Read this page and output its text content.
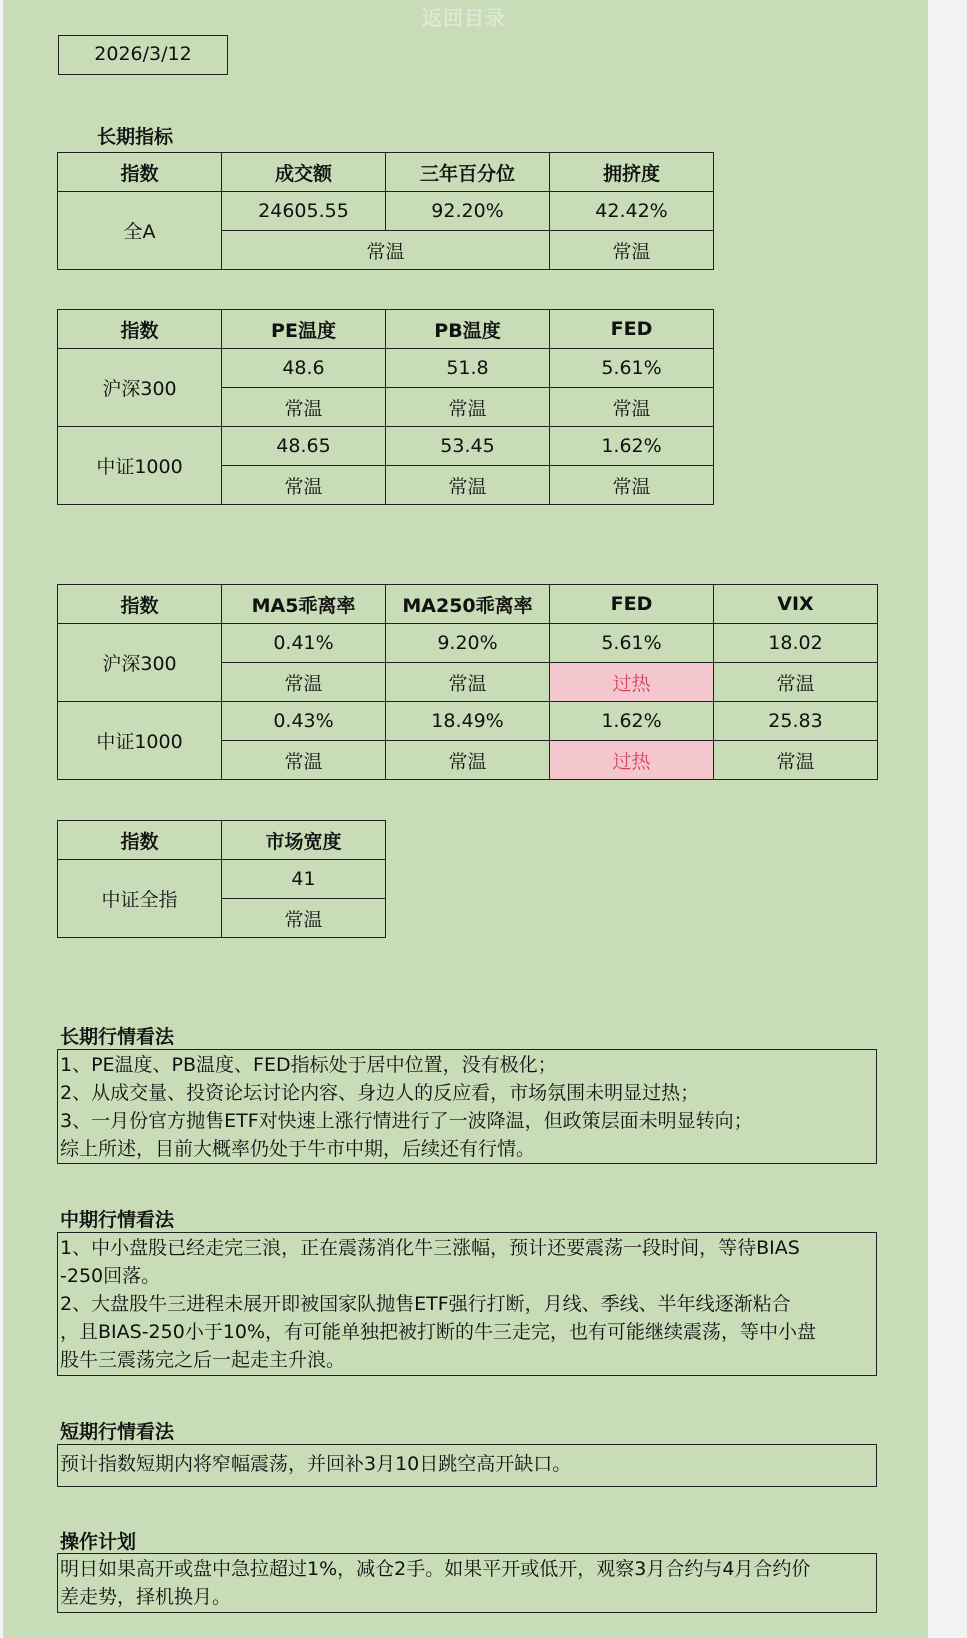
返回目录
2026/3/12
长期指标
指数	成交额	三年百分位	拥挤度
全A	24605.55	92.20%	42.42%
	常温		常温
指数	PE温度	PB温度	FED
沪深300	48.6	51.8	5.61%
	常温	常温	常温
中证1000	48.65	53.45	1.62%
	常温	常温	常温
指数	MA5乖离率	MA250乖离率	FED	VIX
沪深300	0.41%	9.20%	5.61%	18.02
	常温	常温	过热	常温
中证1000	0.43%	18.49%	1.62%	25.83
	常温	常温	过热	常温
指数	市场宽度
中证全指	41
	常温
长期行情看法
1、PE温度、PB温度、FED指标处于居中位置，没有极化；
2、从成交量、投资论坛讨论内容、身边人的反应看，市场氛围未明显过热；
3、一月份官方抛售ETF对快速上涨行情进行了一波降温，但政策层面未明显转向；
综上所述，目前大概率仍处于牛市中期，后续还有行情。
中期行情看法
1、中小盘股已经走完三浪，正在震荡消化牛三涨幅，预计还要震荡一段时间，等待BIAS
-250回落。
2、大盘股牛三进程未展开即被国家队抛售ETF强行打断，月线、季线、半年线逐渐粘合
，且BIAS-250小于10%，有可能单独把被打断的牛三走完，也有可能继续震荡，等中小盘
股牛三震荡完之后一起走主升浪。
短期行情看法
预计指数短期内将窄幅震荡，并回补3月10日跳空高开缺口。
操作计划
明日如果高开或盘中急拉超过1%，减仓2手。如果平开或低开，观察3月合约与4月合约价
差走势，择机换月。
